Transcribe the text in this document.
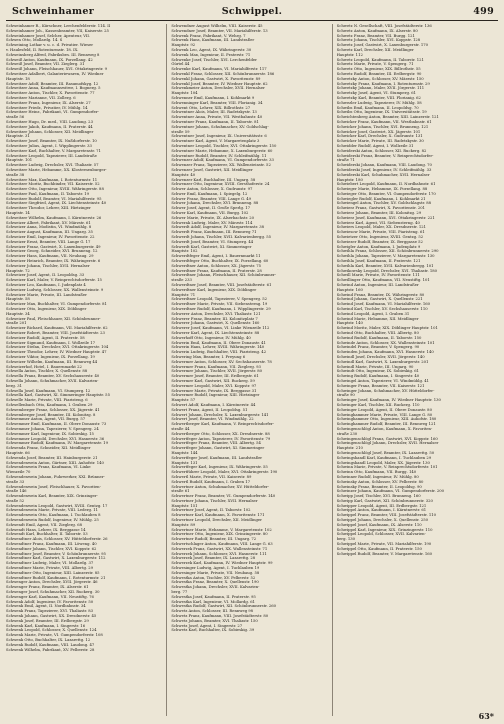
Schweinhamer	Schwippel.	499
Schweinhamer R., Kürschner, Lerchenfelderstr. 114. II
Schweinhamer Joh., Kassenbeamter, VII, Kaiserstr. 25
Schweinhamer Josef, Selcher, Apeuteur, VII.
Schwen Otto, Mollardg. 14. S
Schweining Lothar v. u. c. d. Privatier. Wieser
v. Haulesfeld, II. Rotenturmstr. 18. IX.
Schweinsberg Alfred, Fabriksbes. III. Rennweg 8
Schweiß Anton, Kaufmann, IX. Porzellang. 42
Schweiß Josef, Beamter, VII. Zieglerg. 31
Schweiß Johann, Fleischhauer, XVI. Ottakringerstr. 9
Schweitzer Adalbert, Galanteriewaren, IV. Wiedner
Hauptstr. 18
Schweitzer Adolf, Beamter, III. Rasumofskyg. 12
Schweitzer Anna, Kaufmannswitwe, I. Bognerg. 5
Schweitzer Anton, Tischler, X. Favoritenstr. 77
Schweitzer Marianne, VII. Zollerg. 6
Schweitzer Franz, Ingenieur, IX. Alserstr. 27
Schweitzer Friedr., Privatier, IV. Mühlg. 14
Schweitzer Heinr., Fabrikant, VI. Gumpendorfer-
straße 56
Schweitzer Hugo, Dr. med., VIII. Laudong. 23
Schweitzer Jakob, Kaufmann, II. Praterstr. 44
Schweitzer Johann, Schlosser, XII. Meidlinger
Hauptstr. 31
Schweitzer Josef, Beamter, IX. Nußdorferstr. 10
Schweitzer Julius, Agent, I. Wipplingerstr. 33
Schweitzer Karl, Buchhalter, V. Margaretenstr. 71
Schweitzer Leopold, Tapezierer, III. Landstraße
Hauptstr. 101
Schweitzer Ludwig, Drechsler, XVI. Thaliastr. 57
Schweitzer Marie, Hebamme, XX. Klosterneuburger-
straße 38
Schweitzer Max, Kaufmann, I. Rotenturmstr. 11
Schweitzer Moritz, Buchbinder, VII. Kaiserstr. 52
Schweitzer Otto, Ingenieur, XVIII. Währingerstr. 88
Schweitzer Paul, Kaufmann, II. Taborstr. 19
Schweitzer Rudolf, Beamter, VI. Mariahilferstr. 95
Schweitzer Siegfried, Agent, IX. Liechtensteinstr. 40
Schweitzer Theodor, Lehrer, XIII. Hietzinger
Hauptstr. 14
Schweitzer Wilhelm, Kaufmann, I. Kärntnerstr. 26
Schweizer Albert, Fabrikant, XV. Märzstr. 61
Schweizer Anna, Modistin, VI. Windmühlg. 8
Schweizer August, Kaufmann, III. Ungarg. 35
Schweizer Emil, Ingenieur, IV. Favoritenstr. 22
Schweizer Ernst, Beamter, VIII. Lange G. 17
Schweizer Franz, Gastwirt, X. Laxenburgerstr. 49
Schweizer Georg, Schneider, XVI. Brunneng. 12
Schweizer Hans, Kaufmann, VII. Neubaug. 29
Schweizer Heinrich, Beamter, IX. Währingerstr. 6
Schweizer Johann, Tischler, XVII. Hernalser
Hauptstr. 72
Schweizer Josef, Agent, II. Leopoldsg. 33
Schweizer Karl, Maler, V. Reinprechtsdorferstr. 15
Schweizer Leo, Kaufmann, I. Judenplatz 4
Schweizer Ludwig, Schlosser, XX. Wallensteinstr. 9
Schweizer Marie, Private, III. Landstraßer
Hauptstr. 58
Schweizer Max, Buchhalter, VI. Gumpendorferstr. 81
Schweizer Otto, Ingenieur, XIX. Döblinger
Hauptstr. 34
Schweizer Paul, Fleischhauer, XII. Schönbrunner-
straße 201
Schweizer Richard, Kaufmann, VII. Mariahilferstr. 62
Schweizer Robert, Beamter, VIII. Josefstädterstr. 23
Schweizer Rudolf, Agent, II. Praterstr. 58
Schweizer Sigmund, Kaufmann, I. Wollzeile 17
Schweizer Stefan, Drechsler, XVI. Ottakringerstr. 104
Schweizer Theodor, Lehrer, IV. Wiedner Hauptstr. 47
Schweizer Viktor, Ingenieur, IX. Porzellang. 19
Schweizer Wilhelm, Kaufmann, III. Rennweg 44
Schweizerhof, Hotel, I. Bauernmarkt 22
Schwella Anton, Tischler, X. Quellenstr. 88
Schwella Franz, Beamter, XV. Sechshauserstr. 40
Schwella Johann, Schuhmacher, XVII. Kalvarien-
berg. 31
Schwella Josef, Kaufmann, VI. Stumperg. 12
Schwella Karl, Gastwirt, XI. Simmeringer Hauptstr. 55
Schwelle Marie, Private, VIII. Piaristeng. 6
Schwellenbach Otto, Kaufmann, I. Graben 29
Schwemberger Franz, Schlosser, XX. Jägerstr. 41
Schwemberger Josef, Beamter, III. Kolonitzg. 8
Schwemmer Anton, Agent, VII. Burgg. 57
Schwemmer Emil, Kaufmann, II. Obere Donaustr. 73
Schwemmer Johann, Tapezierer, V. Spengerg. 24
Schwemmer Karl, Ingenieur, IX. Sobieskig. 15
Schwemmer Leopold, Drechsler, XVI. Hasnerstr. 36
Schwemmer Rudolf, Kaufmann, IV. Margaretenstr. 19
Schwenda Franz, Schneider, XII. Meidlinger
Hauptstr. 66
Schwenda Josef, Beamter, III. Hainburgerstr. 21
Schwendenwein Anton, Gärtner, XIII. Auhofstr. 140
Schwendenwein Franz, Kaufmann, VI. Linke
Wienzeile 70
Schwendenwein Johann, Fuhrwerker, XXI. Brünner-
straße 33
Schwendenwein Josef, Fleischhauer, X. Favoriten-
straße 146
Schwendenwein Karl, Beamter, XIX. Grinzinger-
straße 52
Schwendenwein Leopold, Gastwirt, XVIII. Gentzg. 17
Schwendenwein Marie, Private, VIII. Lederg. 11
Schwendenwein Otto, Kaufmann, I. Tuchlauben 8
Schwendenwein Rudolf, Ingenieur, IV. Mühlg. 25
Schwendt Emil, Agent, VII. Zieglerg. 68
Schwendt Hans, Lehrer, IX. Berggasse 14
Schwendt Karl, Buchhalter, II. Taborstr. 53
Schwendtner Alois, Schlosser, XV. Hütteldorferstr. 26
Schwendtner Franz, Kaufmann, III. Löweng. 40
Schwendtner Johann, Tischler, XVI. Koppstr. 62
Schwendtner Josef, Beamter, V. Schönbrunnerstr. 95
Schwendtner Karl, Gastwirt, X. Laxenburgerstr. 112
Schwendtner Ludwig, Maler, VI. Mollardg. 37
Schwendtner Marie, Private, VIII. Albertg. 29
Schwendtner Otto, Ingenieur, XIII. Lainzerstr. 85
Schwendtner Rudolf, Kaufmann, I. Rotenturmstr. 21
Schwenger Anton, Drechsler, XVII. Jörgerstr. 46
Schwenger Franz, Beamter, IX. Alserstr. 61
Schwenger Josef, Schuhmacher, XII. Ruckerg. 30
Schwenger Karl, Kaufmann, VII. Neustiftg. 76
Schwenk Adolf, Ingenieur, IV. Favoritenstr. 50
Schwenk Emil, Agent, II. Nordbahnstr. 34
Schwenk Franz, Tapezierer, XVI. Thaliastr. 83
Schwenk Johann, Gastwirt, XX. Dresdnerstr. 45
Schwenk Josef, Beamter, III. Erdbergstr. 29
Schwenk Karl, Kaufmann, I. Singerstr. 16
Schwenk Leopold, Schlosser, X. Quellenstr. 124
Schwenk Marie, Private, VI. Gumpendorferstr. 108
Schwenk Otto, Buchhalter, IX. Lazarettg. 12
Schwenk Rudolf, Kaufmann, VIII. Laudong. 47
Schwenk Wilhelm, Fabrikant, XV. Felberstr. 28
Schwendner August Wilhelm, VIII. Kaiserstr. 45
Schwendner Josef, Beamter, VII. Mariahilferstr. 13
Schwenk Franz, Fabrikant, V. Wehrg. 7
Schwenk Hans, Kaufmann, III. Landstraßer
Hauptstr. 92
Schwenk Leo, Agent, IX. Währingerstr. 30
Schwenk Max, Ingenieur, II. Praterstr. 71
Schwenke Josef, Tischler, XVI. Lerchenfelder
Gürtel 44
Schwenke Karl, Kaufmann, VI. Mariahilferstr. 117
Schwenkl Franz, Schlosser, XII. Schönbrunnerstr. 186
Schwenkl Johann, Gastwirt, X. Favoritenstr. 89
Schwenkl Josef, Beamter, IV. Wiedner Hauptstr. 62
Schwenkmeier Anton, Drechsler, XVII. Hernalser
Hauptstr. 104
Schwenner Emil, Kaufmann, I. Kohlmarkt 9
Schwenninger Karl, Beamter, VIII. Florianig. 34
Schwent Otto, Lehrer, XIX. Billrothstr. 27
Schwentner Alois, Maler, III. Radetzkystr. 13
Schwentner Anna, Private, VII. Westbahnstr. 40
Schwentner Franz, Kaufmann, II. Taborstr. 81
Schwentner Johann, Schuhmacher, XV. Goldschlag-
straße 59
Schwentner Josef, Ingenieur, IX. Universitätsstr. 6
Schwentner Karl, Agent, V. Margaretenplatz 3
Schwentner Leopold, Tischler, XVI. Ottakringerstr. 150
Schwentner Marie, Hebamme, X. Laxenburgerstr. 60
Schwentner Rudolf, Beamter, IV. Schleifmühlg. 11
Schwenzer Adolf, Kaufmann, VI. Gumpendorferstr. 33
Schwenzer Franz, Tapezierer, XX. Wallensteinstr. 52
Schwenzer Josef, Gastwirt, XII. Meidlinger
Hauptstr. 40
Schwenzer Karl, Buchhalter, III. Ungarg. 58
Schwenzer Otto, Ingenieur, XVIII. Gersthoferstr. 24
Schwer Anton, Schlosser, X. Gudrunstr. 97
Schwer Emil, Kaufmann, I. Spiegelg. 12
Schwer Franz, Beamter, VIII. Lange G. 49
Schwer Johann, Drechsler, XVI. Brunneng. 88
Schwer Josef, Agent, II. Große Sperlg. 17
Schwer Karl, Kaufmann, VII. Burgg. 102
Schwer Marie, Private, IX. Alserbachstr. 20
Schwerak Ludwig, Maler, XV. Märzstr. 114
Schwerdt Adolf, Ingenieur, IV. Margaretenstr. 38
Schwerdt Franz, Kaufmann, III. Rennweg 71
Schwerdt Johann, Tischler, XVII. Kalvarienbergg. 55
Schwerdt Josef, Beamter, VI. Stumperg. 44
Schwerdt Karl, Gastwirt, XI. Simmeringer
Hauptstr. 102
Schwerdtfeger Emil, Agent, I. Bauernmarkt 11
Schwerdtfeger Otto, Buchhalter, IX. Porzellang. 60
Schwerdtner Anton, Schlosser, XX. Jägerstr. 75
Schwerdtner Franz, Kaufmann, II. Praterstr. 28
Schwerdtner Johann, Fleischhauer, XII. Schönbrunner-
straße 233
Schwerdtner Josef, Beamter, VIII. Josefstädterstr. 61
Schwerdtner Karl, Ingenieur, XIX. Döblinger
Hauptstr. 71
Schwerdtner Leopold, Tapezierer, V. Spengerg. 52
Schwerdtner Marie, Private, VII. Siebensterng. 19
Schwerdtner Rudolf, Kaufmann, I. Wipplingerstr. 29
Schwerer Anton, Drechsler, XVI. Thaliastr. 121
Schwerer Franz, Beamter, III. Kolonitzplatz 7
Schwerer Johann, Gastwirt, X. Quellenstr. 160
Schwerer Josef, Kaufmann, VI. Linke Wienzeile 112
Schwerer Karl, Agent, IX. Liechtensteinstr. 88
Schwerhoff Otto, Ingenieur, IV. Mühlg. 40
Schwerin Emil, Kaufmann, II. Obere Donaustr. 41
Schwerin Hans, Lehrer, XVIII. Währingerstr. 140
Schwerin Ludwig, Buchhalter, VIII. Piaristeng. 42
Schwering Max, Beamter, I. Freyung 6
Schwermer Anton, Schlosser, XV. Sechshauserstr. 78
Schwermer Franz, Kaufmann, VII. Zieglerg. 93
Schwermer Johann, Tischler, XVII. Jörgerstr. 80
Schwermer Josef, Beamter, III. Erdbergstr. 61
Schwermer Karl, Gastwirt, XII. Ruckerg. 59
Schwermer Leopold, Maler, XVI. Koppstr. 97
Schwermer Marie, Private, IX. Berggasse 31
Schwermer Rudolf, Ingenieur, XIII. Hietzinger
Hauptstr. 57
Schwert Adolf, Kaufmann, I. Kärntnerstr. 44
Schwert Franz, Agent, II. Leopoldsg. 51
Schwert Johann, Drechsler, X. Laxenburgerstr. 141
Schwert Josef, Beamter, VI. Windmühlg. 22
Schwertberger Karl, Kaufmann, V. Reinprechtsdorfer-
straße 44
Schwertberger Otto, Schlosser, XX. Dresdnerstr. 88
Schwertfeger Anton, Tapezierer, IV. Favoritenstr. 79
Schwertfeger Franz, Beamter, VIII. Albertg. 54
Schwertfeger Johann, Gastwirt, XI. Simmeringer
Hauptstr. 144
Schwertfeger Josef, Kaufmann, III. Landstraßer
Hauptstr. 131
Schwertfeger Karl, Ingenieur, IX. Währingerstr. 55
Schwertführer Leopold, Maler, XVI. Ottakringerstr. 190
Schwertl Marie, Private, VII. Kaiserstr. 89
Schwertl Rudolf, Kaufmann, I. Graben 17
Schwertner Anton, Schuhmacher, XV. Hütteldorfer-
straße 61
Schwertner Franz, Beamter, VI. Gumpendorferstr. 140
Schwertner Johann, Tischler, XVII. Hernalser
Hauptstr. 151
Schwertner Josef, Agent, II. Taborstr. 102
Schwertner Karl, Kaufmann, X. Favoritenstr. 171
Schwertner Leopold, Drechsler, XII. Meidlinger
Hauptstr. 89
Schwertner Marie, Hebamme, V. Margaretenstr. 102
Schwertner Otto, Ingenieur, XIX. Grinzingerstr. 80
Schwertner Rudolf, Beamter, III. Ungarg. 72
Schwertschlager Anton, Kaufmann, VIII. Lange G. 63
Schwerzek Franz, Gastwirt, XX. Wallensteinstr. 71
Schwerzek Johann, Schlosser, XVI. Hasnerstr. 111
Schwerzek Josef, Beamter, IX. Lazarettg. 28
Schwerzek Karl, Kaufmann, IV. Wiedner Hauptstr. 99
Schwesinger Ludwig, Agent, I. Tuchlauben 19
Schwesinger Marie, Private, VII. Neubaug. 58
Schwestka Anton, Tischler, XV. Felberstr. 52
Schwestka Franz, Beamter, X. Quellenstr. 190
Schwestka Johann, Drechsler, XVII. Kalvarien-
berg. 77
Schwestka Josef, Kaufmann, II. Praterstr. 95
Schwestka Karl, Ingenieur, VI. Mollardg. 61
Schwestka Rudolf, Gastwirt, XII. Schönbrunnerstr. 260
Schwetz Anton, Schlosser, III. Rennweg 98
Schwetz Franz, Kaufmann, VIII. Josefstädterstr. 80
Schwetz Johann, Beamter, XVI. Thaliastr. 150
Schwetz Josef, Agent, I. Singerstr. 27
Schwetz Karl, Buchhalter, IX. Sobieskig. 39
Schwetz N. Gesellschaft, VIII. Josefstädterstr. 136
Schwetz Anton, Kaufmann, IX. Alserstr. 80
Schwetz Franz, Beamter, VII. Burgg. 121
Schwetz Johann, Tischler, XVI. Koppstr. 128
Schwetz Josef, Gastwirt, X. Laxenburgerstr. 170
Schwetz Karl, Drechsler, XII. Meidlinger
Hauptstr. 112
Schwetz Leopold, Kaufmann, II. Taborstr. 121
Schwetz Marie, Private, V. Spengerg. 71
Schwetz Otto, Ingenieur, XIX. Billrothstr. 55
Schwetz Rudolf, Beamter, III. Erdbergstr. 90
Schwetzky Anton, Schlosser, XV. Märzstr. 150
Schwetzky Franz, Kaufmann, I. Rotenturmstr. 29
Schwetzky Johann, Maler, XVII. Jörgerstr. 111
Schwetzky Josef, Agent, VI. Stumperg. 61
Schwetzky Karl, Beamter, VIII. Florianig. 62
Schwezler Ludwig, Tapezierer, IV. Mühlg. 58
Schwibs Emil, Kaufmann, II. Leopoldsg. 70
Schwibs Otto, Ingenieur, IX. Universitätsstr. 19
Schwichtenberg Anton, Beamter, XIII. Lainzerstr. 121
Schwicker Franz, Kaufmann, VII. Westbahnstr. 61
Schwicker Johann, Tischler, XVI. Brunneng. 121
Schwicker Josef, Gastwirt, XX. Jägerstr. 101
Schwicker Karl, Drechsler, X. Gudrunstr. 131
Schwicker Marie, Private, III. Radetzkystr. 30
Schwidder Rudolf, Agent, I. Wollzeile 31
Schwiderski Anton, Schlosser, XII. Ruckerg. 82
Schwiderski Franz, Beamter, V. Reinprechtsdorfer-
straße 71
Schwiderski Johann, Kaufmann, VIII. Laudong. 70
Schwiderski Josef, Ingenieur, IV. Schleifmühlg. 33
Schwiderski Karl, Schuhmacher, XVII. Hernalser
Hauptstr. 180
Schwiebert Leopold, Kaufmann, II. Nordbahnstr. 61
Schwieger Marie, Hebamme, IX. Porzellang. 88
Schwieger Otto, Beamter, VI. Gumpendorferstr. 170
Schwiegler Rudolf, Kaufmann, I. Kohlmarkt 21
Schwiengel Anton, Tischler, XV. Goldschlagstr. 88
Schwierz Franz, Gastwirt, X. Favoritenstr. 201
Schwierz Johann, Beamter, III. Kolonitzg. 29
Schwierz Josef, Kaufmann, XVI. Ottakringerstr. 221
Schwierz Karl, Agent, VII. Siebensterng. 40
Schwiers Leopold, Maler, XX. Dresdnerstr. 121
Schwiesow Marie, Private, VIII. Piaristeng. 61
Schwietzer Otto, Ingenieur, XVIII. Gentzg. 52
Schwiezer Rudolf, Beamter, IX. Berggasse 52
Schwigler Anton, Kaufmann, I. Judenplatz 9
Schwihla Franz, Schlosser, XII. Schönbrunnerstr. 290
Schwihla Johann, Tapezierer, V. Margaretenstr. 130
Schwihla Josef, Kaufmann, II. Praterstr. 121
Schwihla Karl, Beamter, XVII. Kalvarienbergg. 101
Schwikowsky Leopold, Drechsler, XVI. Thaliastr. 180
Schwill Marie, Private, IV. Favoritenstr. 111
Schwillinger Otto, Kaufmann, VII. Neustiftg. 101
Schwind Anton, Ingenieur, III. Landstraßer
Hauptstr. 160
Schwind Franz, Beamter, IX. Währingerstr. 80
Schwind Johann, Gastwirt, X. Quellenstr. 221
Schwind Josef, Kaufmann, VI. Mariahilferstr. 160
Schwind Karl, Tischler, XV. Sechshauserstr. 110
Schwind Leopold, Agent, I. Graben 31
Schwind Marie, Hebamme, XII. Meidlinger
Hauptstr. 140
Schwind Moritz, Maler, XIX. Döblinger Hauptstr. 101
Schwind Otto, Buchhalter, VIII. Albertg. 80
Schwind Rudolf, Kaufmann, II. Taborstr. 150
Schwinde Anton, Schlosser, XX. Wallensteinstr. 101
Schwindel Franz, Beamter, V. Spengerg. 90
Schwinden Johann, Kaufmann, XVI. Hasnerstr. 140
Schwindl Josef, Drechsler, XVII. Jörgerstr. 140
Schwindl Karl, Gastwirt, X. Laxenburgerstr. 201
Schwindl Marie, Private, III. Ungarg. 90
Schwindt Otto, Ingenieur, IX. Sobieskig. 61
Schwing Rudolf, Kaufmann, I. Singerstr. 40
Schwingel Anton, Tapezierer, VI. Windmühlg. 41
Schwinger Franz, Beamter, VII. Kaiserstr. 121
Schwinger Johann, Schuhmacher, XV. Hütteldorfer-
straße 90
Schwinger Josef, Kaufmann, IV. Wiedner Hauptstr. 130
Schwinger Karl, Tischler, XII. Ruckerg. 110
Schwinger Leopold, Agent, II. Obere Donaustr. 80
Schwinghammer Marie, Private, VIII. Lange G. 80
Schwinghammer Otto, Ingenieur, XIII. Auhofstr. 180
Schwinghammer Rudolf, Beamter, III. Rennweg 121
Schwingenschlögl Anton, Kaufmann, X. Favoriten-
straße 230
Schwingenschlögl Franz, Gastwirt, XVI. Koppstr. 160
Schwingenschlögl Johann, Drechsler, XVII. Hernalser
Hauptstr. 210
Schwingenschlögl Josef, Beamter, IX. Lazarettg. 50
Schwingshandl Karl, Kaufmann, I. Tuchlauben 29
Schwingshandl Leopold, Maler, XX. Jägerstr. 130
Schwinn Marie, Private, V. Reinprechtsdorferstr. 101
Schwinn Otto, Kaufmann, VII. Burgg. 140
Schwinner Rudolf, Ingenieur, IV. Mühlg. 80
Schwinsky Anton, Schlosser, XV. Felberstr. 80
Schwinsky Franz, Beamter, II. Leopoldsg. 90
Schwinzer Johann, Kaufmann, VI. Gumpendorferstr. 200
Schwipp Josef, Tischler, XVI. Brunneng. 160
Schwipp Karl, Gastwirt, XII. Schönbrunnerstr. 320
Schwipper Leopold, Agent, III. Erdbergstr. 121
Schwippel Anton, Kaufmann, I. Kärntnerstr. 61
Schwippel Franz, Beamter, VIII. Josefstädterstr. 110
Schwippel Johann, Drechsler, X. Quellenstr. 250
Schwippel Josef, Kaufmann, IX. Alserstr. 110
Schwippel Karl, Ingenieur, XIX. Grinzingerstr. 110
Schwippel Leopold, Schlosser, XVII. Kalvarien-
berg. 130
Schwippel Marie, Private, VII. Mariahilferstr. 190
Schwippel Otto, Kaufmann, II. Praterstr. 150
Schwippel Rudolf, Beamter, V. Margaretenstr. 160
63*
